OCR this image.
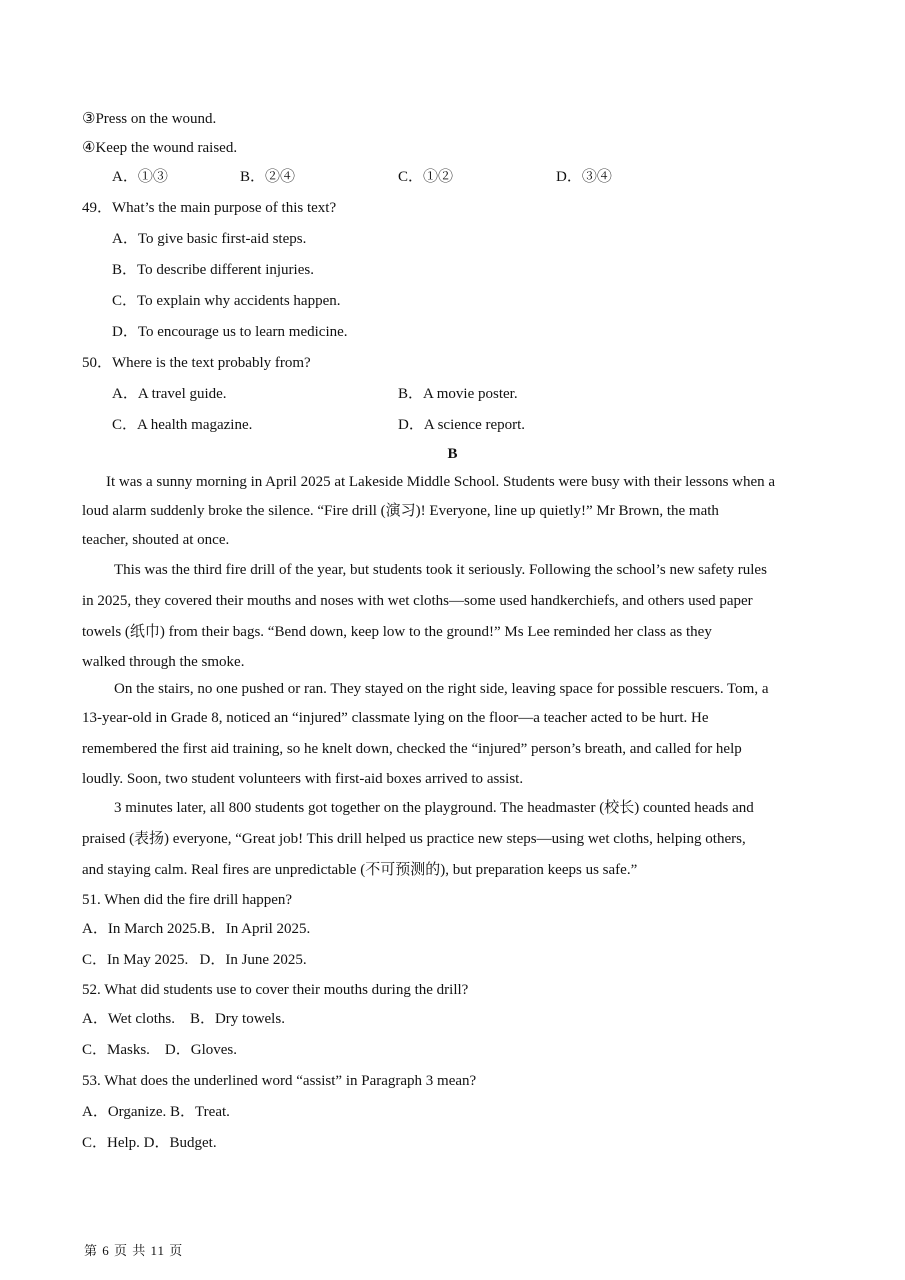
③Press on the wound.
④Keep the wound raised.
A．①③	B．②④	C．①②	D．③④
49．What’s the main purpose of this text?
A．To give basic first-aid steps.
B．To describe different injuries.
C．To explain why accidents happen.
D．To encourage us to learn medicine.
50．Where is the text probably from?
A．A travel guide.	B．A movie poster.
C．A health magazine.	D．A science report.
B
It was a sunny morning in April 2025 at Lakeside Middle School. Students were busy with their lessons when a
loud alarm suddenly broke the silence. “Fire drill (演习)! Everyone, line up quietly!” Mr Brown, the math
teacher, shouted at once.
This was the third fire drill of the year, but students took it seriously. Following the school’s new safety rules
in 2025, they covered their mouths and noses with wet cloths—some used handkerchiefs, and others used paper
towels (纸巾) from their bags. “Bend down, keep low to the ground!” Ms Lee reminded her class as they
walked through the smoke.
On the stairs, no one pushed or ran. They stayed on the right side, leaving space for possible rescuers. Tom, a
13-year-old in Grade 8, noticed an “injured” classmate lying on the floor—a teacher acted to be hurt. He
remembered the first aid training, so he knelt down, checked the “injured” person’s breath, and called for help
loudly. Soon, two student volunteers with first-aid boxes arrived to assist.
3 minutes later, all 800 students got together on the playground. The headmaster (校长) counted heads and
praised (表扬) everyone, “Great job! This drill helped us practice new steps—using wet cloths, helping others,
and staying calm. Real fires are unpredictable (不可预测的), but preparation keeps us safe.”
51. When did the fire drill happen?
A．In March 2025.B．In April 2025.
C．In May 2025.   D．In June 2025.
52. What did students use to cover their mouths during the drill?
A．Wet cloths.    B．Dry towels.
C．Masks.    D．Gloves.
53. What does the underlined word “assist” in Paragraph 3 mean?
A．Organize. B．Treat.
C．Help. D．Budget.
第 6 页 共 11 页
